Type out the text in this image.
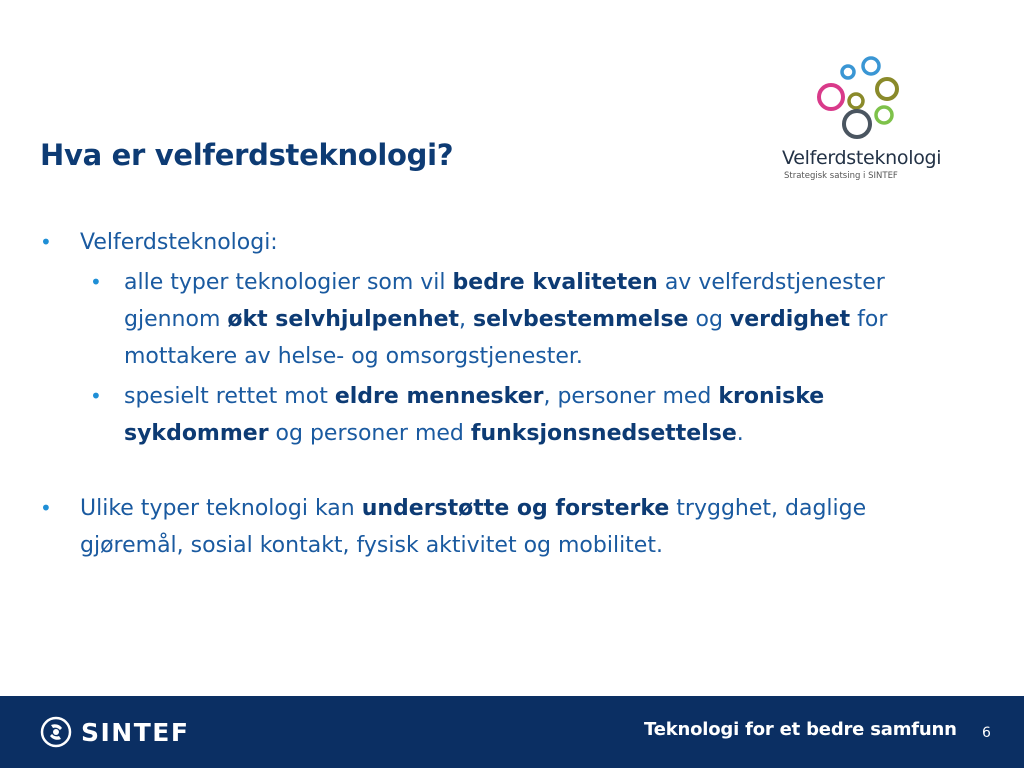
Hva er velferdsteknologi?	Velferdsteknologi
Strategisk satsing i SINTEF
• Velferdsteknologi:
• alle typer teknologier som vil bedre kvaliteten av velferdstjenester gjennom økt selvhjulpenhet, selvbestemmelse og verdighet for mottakere av helse- og omsorgstjenester.
• spesielt rettet mot eldre mennesker, personer med kroniske sykdommer og personer med funksjonsnedsettelse.
• Ulike typer teknologi kan understøtte og forsterke trygghet, daglige gjøremål, sosial kontakt, fysisk aktivitet og mobilitet.
SINTEF	Teknologi for et bedre samfunn 6
